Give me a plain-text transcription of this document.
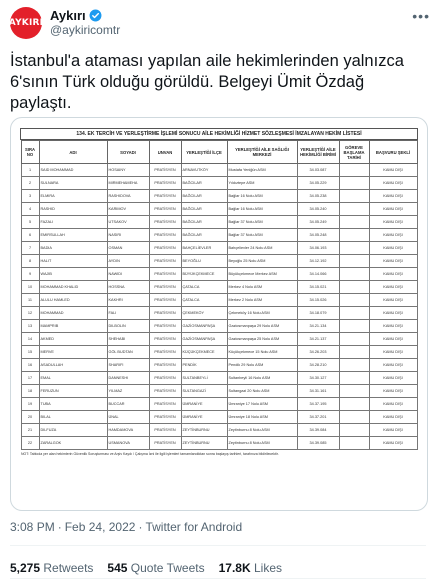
AYKIRI Aykırı
@aykiricomtr
•••
İstanbul'a ataması yapılan aile hekimlerinden yalnızca 6'sının Türk olduğu görüldü. Belgeyi Ümit Özdağ paylaştı.
134. EK TERCİH VE YERLEŞTİRME İŞLEMİ SONUCU AİLE HEKİMLİĞİ HİZMET SÖZLEŞMESİ İMZALAYAN HEKİM LİSTESİ
SIRA NO	ADI	SOYADI	UNVAN	YERLEŞTİĞİ İLÇE	YERLEŞTİĞİ AİLE SAĞLIĞI MERKEZİ	YERLEŞTİĞİ AİLE HEKİMLİĞİ BİRİMİ	GÖREVE BAŞLAMA TARİHİ	BAŞVURU ŞEKLİ
1	SAID MOHAMMAD	HOSAINY	PRATİSYEN	ARNAVUTKÖY	Mustafa Yeniğün ASM	34.03.087		KAMU DIŞI
2	SULNARA	MIRMEHAMEHA	PRATİSYEN	BAĞCILAR	Yıldıztepe ASM	34.05.229		KAMU DIŞI
3	ELMIRA	RASHIDOVA	PRATİSYEN	BAĞCILAR	Bağlar 16 Nolu ASM	34.05.238		KAMU DIŞI
4	RASHID	KARIMOV	PRATİSYEN	BAĞCILAR	Bağlar 16 Nolu ASM	34.05.240		KAMU DIŞI
5	FAZALI	UTSAKOV	PRATİSYEN	BAĞCILAR	Bağlar 37 Nolu ASM	34.05.249		KAMU DIŞI
6	EMIRSULLAH	NASIRI	PRATİSYEN	BAĞCILAR	Bağlar 37 Nolu ASM	34.05.248		KAMU DIŞI
7	BADIA	OSMAN	PRATİSYEN	BAHÇELİEVLER	Bahçelievler 24 Nolu ASM	34.06.193		KAMU DIŞI
8	HALIT	AYDIN	PRATİSYEN	BEYOĞLU	Beyoğlu 25 Nolu ASM	34.12.192		KAMU DIŞI
9	WAJIB	NAWIDI	PRATİSYEN	BÜYÜKÇEKMECE	Büyükçekmece Merkez ASM	34.14.066		KAMU DIŞI
10	MOHAMMAD KHALID	HOSSNA	PRATİSYEN	ÇATALCA	Merkez 4 Nolu ASM	34.15.021		KAMU DIŞI
11	ALULU HAMLED	KAKHRI	PRATİSYEN	ÇATALCA	Merkez 2 Nolu ASM	34.15.026		KAMU DIŞI
12	MOHAMMAD	FALI	PRATİSYEN	ÇEKMEKÖY	Çekmeköy 16 Nolu ASM	34.18.079		KAMU DIŞI
13	MAMPRIB	DILBOLIN	PRATİSYEN	GAZİOSMANPAŞA	Gaziosmanpaşa 29 Nolu ASM	34.21.134		KAMU DIŞI
14	AKMED	SHEHABI	PRATİSYEN	GAZİOSMANPAŞA	Gaziosmanpaşa 25 Nolu ASM	34.21.137		KAMU DIŞI
15	MERVE	GÖL BUDTAN	PRATİSYEN	KÜÇÜKÇEKMECE	Küçükçekmece 15 Nolu ASM	34.26.203		KAMU DIŞI
16	ASADULLAH	SHARIFI	PRATİSYEN	PENDİK	Pendik 29 Nolu ASM	34.28.210		KAMU DIŞI
17	EMAL	DANNESHI	PRATİSYEN	SULTANBEYLİ	Sultanbeyli 16 Nolu ASM	34.30.127		KAMU DIŞI
18	FERUZUN	YILMAZ	PRATİSYEN	SULTANGAZİ	Sultangazi 20 Nolu ASM	34.31.161		KAMU DIŞI
19	TUBA	BUCCAR	PRATİSYEN	ÜMRANİYE	Ümraniye 17 Nolu ASM	34.37.195		KAMU DIŞI
20	BILAL	ÜNAL	PRATİSYEN	ÜMRANİYE	Ümraniye 18 Nolu ASM	34.37.201		KAMU DIŞI
21	DILFUZA	HAMDAMOVA	PRATİSYEN	ZEYTİNBURNU	Zeytinburnu 8 Nolu ASM	34.39.084		KAMU DIŞI
22	ZARALGOK	USMANOVA	PRATİSYEN	ZEYTİNBURNU	Zeytinburnu 8 Nolu ASM	34.39.085		KAMU DIŞI
NOT: Tabloda yer alan hekimlerin Güvenlik Soruşturması ve Arşiv Kaydı / Çalışma İzni ile ilgili işlemleri tamamlandıktan sonra başlayış tarihleri, tarafınıza bildirilecektir.
3:08 PM · Feb 24, 2022 · Twitter for Android
5,275 Retweets 545 Quote Tweets 17.8K Likes
